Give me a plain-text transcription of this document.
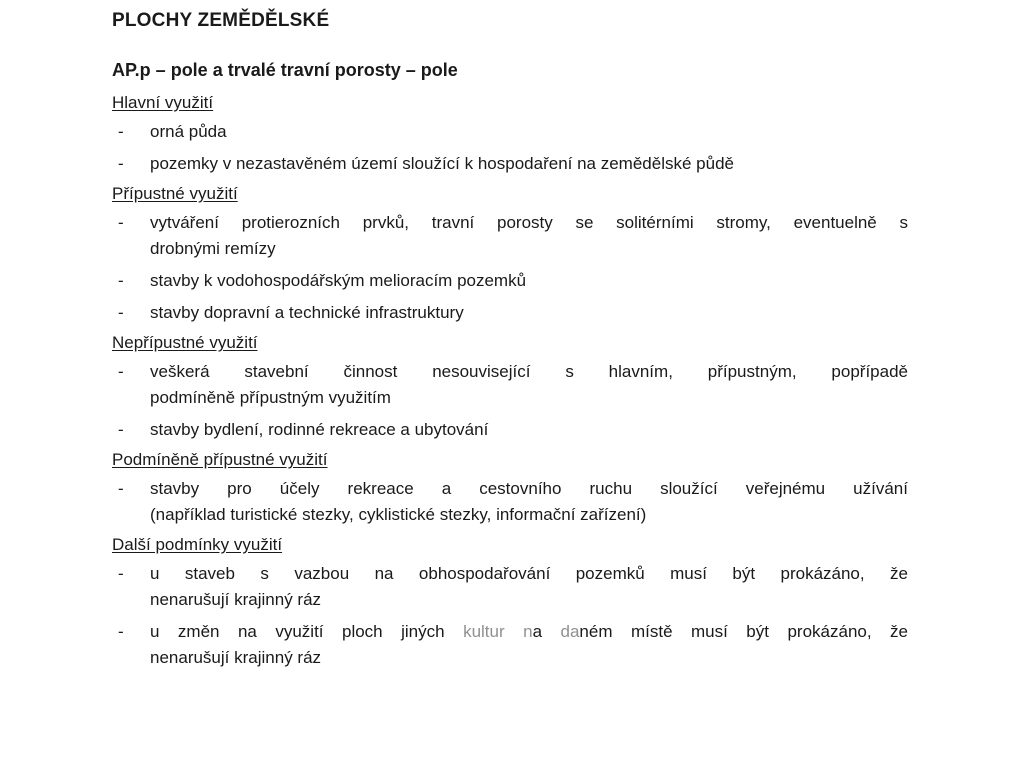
PLOCHY ZEMĚDĚLSKÉ
AP.p – pole a trvalé travní porosty – pole
Hlavní využití
-	orná půda
-	pozemky v nezastavěném území sloužící k hospodaření na zemědělské půdě
Přípustné využití
-	vytváření protierozních prvků, travní porosty se solitérními stromy, eventuelně s
drobnými remízy
-	stavby k vodohospodářským melioracím pozemků
-	stavby dopravní a technické infrastruktury
Nepřípustné využití
-	veškerá stavební činnost nesouvisející s hlavním, přípustným, popřípadě
podmíněně přípustným využitím
-	stavby bydlení, rodinné rekreace a ubytování
Podmíněně přípustné využití
-	stavby pro účely rekreace a cestovního ruchu sloužící veřejnému užívání
(například turistické stezky, cyklistické stezky, informační zařízení)
Další podmínky využití
-	u staveb s vazbou na obhospodařování pozemků musí být prokázáno, že
nenarušují krajinný ráz
-	u změn na využití ploch jiných kultur na daném místě musí být prokázáno, že
nenarušují krajinný ráz
